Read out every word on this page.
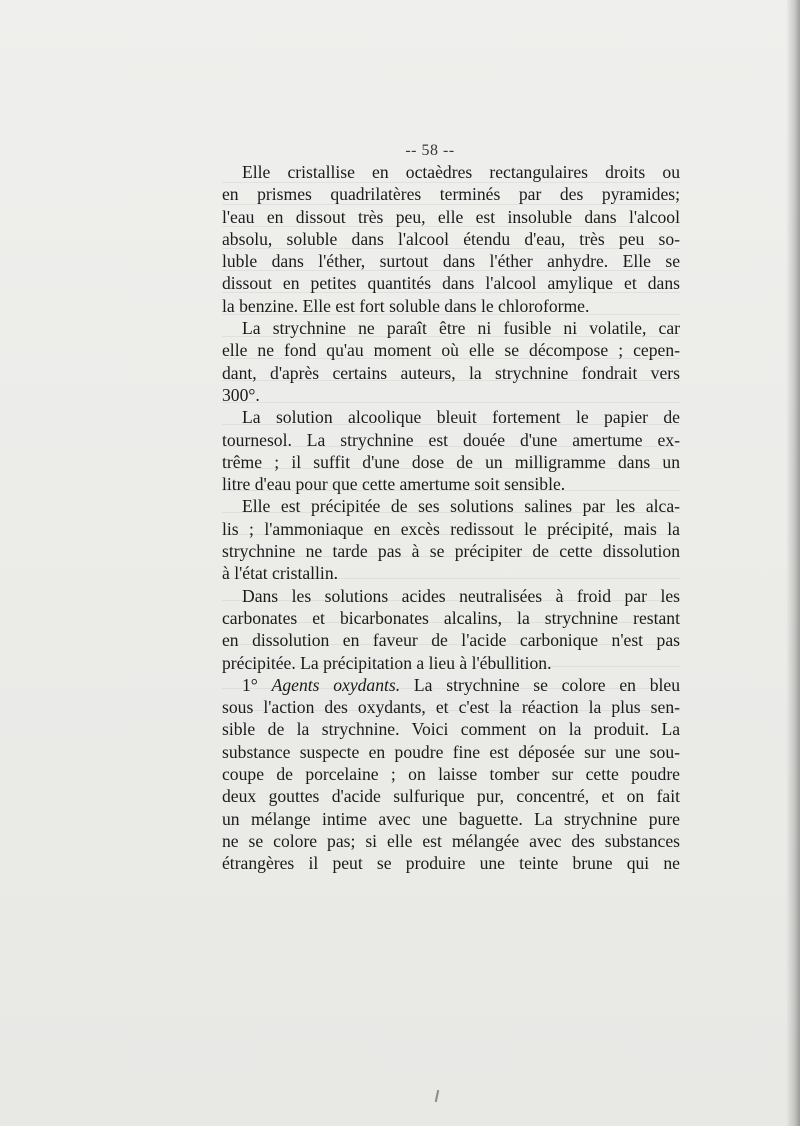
-- 58 --
Elle cristallise en octaèdres rectangulaires droits ou
en prismes quadrilatères terminés par des pyramides;
l'eau en dissout très peu, elle est insoluble dans l'alcool
absolu, soluble dans l'alcool étendu d'eau, très peu so-
luble dans l'éther, surtout dans l'éther anhydre. Elle se
dissout en petites quantités dans l'alcool amylique et dans
la benzine. Elle est fort soluble dans le chloroforme.
La strychnine ne paraît être ni fusible ni volatile, car
elle ne fond qu'au moment où elle se décompose ; cepen-
dant, d'après certains auteurs, la strychnine fondrait vers
300°.
La solution alcoolique bleuit fortement le papier de
tournesol. La strychnine est douée d'une amertume ex-
trême ; il suffit d'une dose de un milligramme dans un
litre d'eau pour que cette amertume soit sensible.
Elle est précipitée de ses solutions salines par les alca-
lis ; l'ammoniaque en excès redissout le précipité, mais la
strychnine ne tarde pas à se précipiter de cette dissolution
à l'état cristallin.
Dans les solutions acides neutralisées à froid par les
carbonates et bicarbonates alcalins, la strychnine restant
en dissolution en faveur de l'acide carbonique n'est pas
précipitée. La précipitation a lieu à l'ébullition.
1° Agents oxydants. La strychnine se colore en bleu
sous l'action des oxydants, et c'est la réaction la plus sen-
sible de la strychnine. Voici comment on la produit. La
substance suspecte en poudre fine est déposée sur une sou-
coupe de porcelaine ; on laisse tomber sur cette poudre
deux gouttes d'acide sulfurique pur, concentré, et on fait
un mélange intime avec une baguette. La strychnine pure
ne se colore pas; si elle est mélangée avec des substances
étrangères il peut se produire une teinte brune qui ne
